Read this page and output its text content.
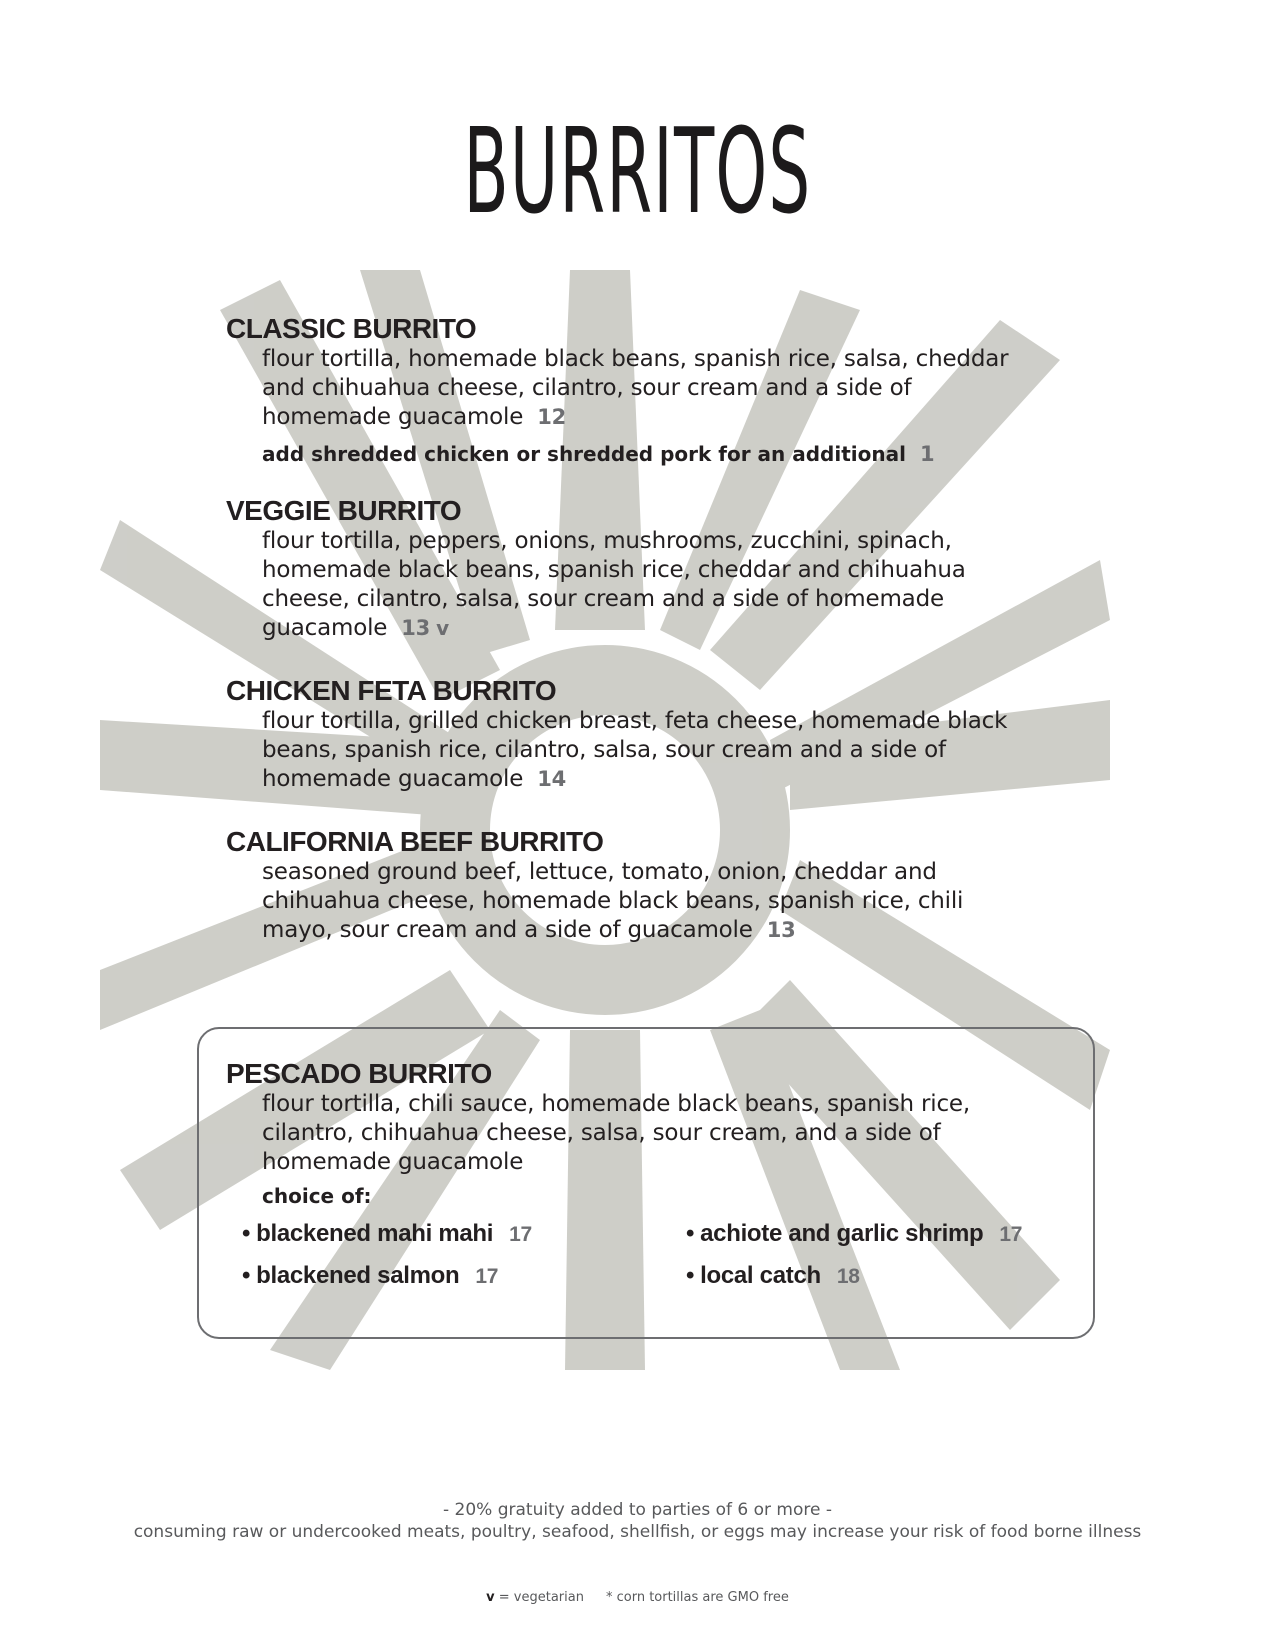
BURRITOS
CLASSIC BURRITO
flour tortilla, homemade black beans, spanish rice, salsa, cheddar and chihuahua cheese, cilantro, sour cream and a side of homemade guacamole 12
add shredded chicken or shredded pork for an additional 1
VEGGIE BURRITO
flour tortilla, peppers, onions, mushrooms, zucchini, spinach, homemade black beans, spanish rice, cheddar and chihuahua cheese, cilantro, salsa, sour cream and a side of homemade guacamole 13 v
CHICKEN FETA BURRITO
flour tortilla, grilled chicken breast, feta cheese, homemade black beans, spanish rice, cilantro, salsa, sour cream and a side of homemade guacamole 14
CALIFORNIA BEEF BURRITO
seasoned ground beef, lettuce, tomato, onion, cheddar and chihuahua cheese, homemade black beans, spanish rice, chili mayo, sour cream and a side of guacamole 13
PESCADO BURRITO
flour tortilla, chili sauce, homemade black beans, spanish rice, cilantro, chihuahua cheese, salsa, sour cream, and a side of homemade guacamole
choice of:
• blackened mahi mahi 17	• achiote and garlic shrimp 17
• blackened salmon 17	• local catch 18
- 20% gratuity added to parties of 6 or more -
consuming raw or undercooked meats, poultry, seafood, shellfish, or eggs may increase your risk of food borne illness
v = vegetarian * corn tortillas are GMO free
